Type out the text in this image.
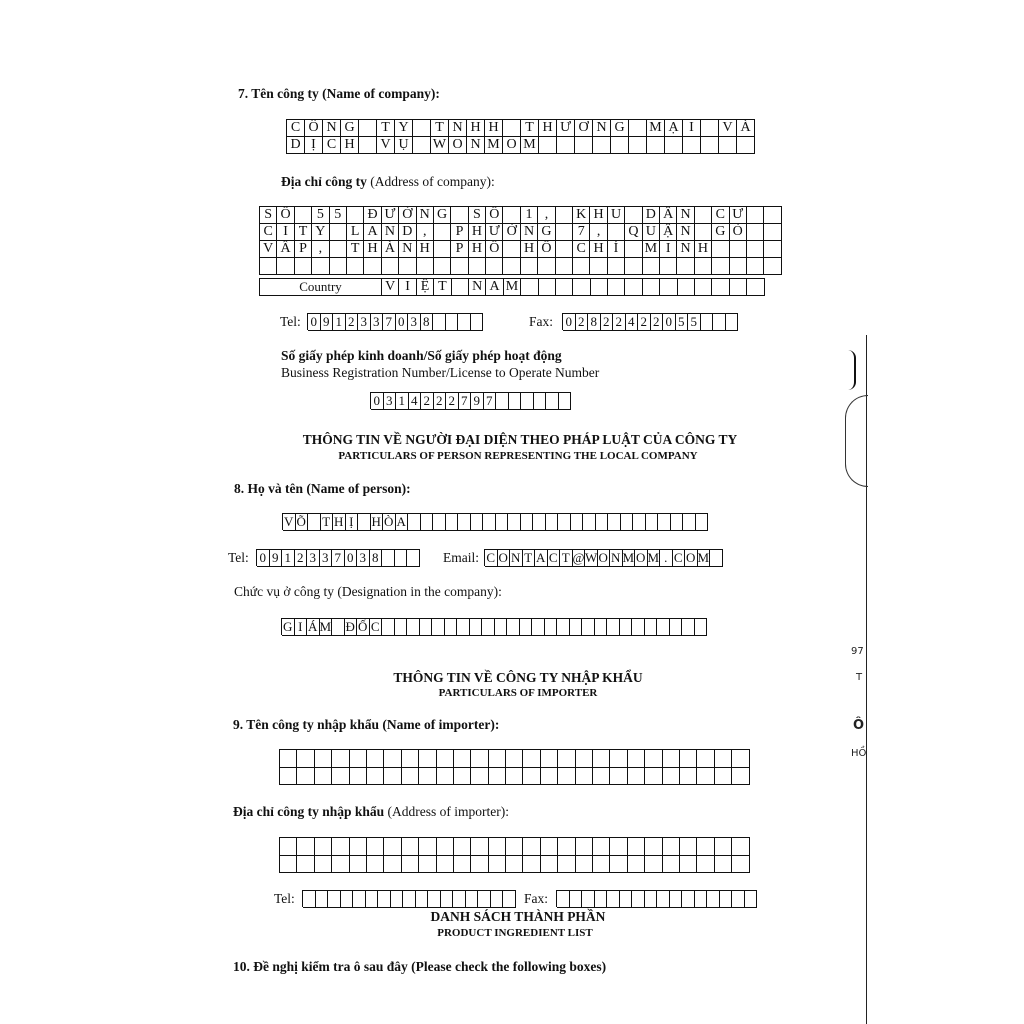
7. Tên công ty (Name of company):
C Ô N G	T Y	T N H H	T H Ư Ơ N G	M Ạ I	V À
D Ị C H	V Ụ	W O N M O M
Địa chỉ công ty (Address of company):
S Ố	5 5	Đ Ư Ờ N G	S Ố	1 ,	K H U D Â N C Ư
C I T Y L A N D ,	P H Ư Ờ N G	7 ,	Q U Ậ N G Ò
V Ấ P ,	T H À N H	P H Ố H Ồ C H Í	M I N H
Country	V I Ệ T	N A M
Tel: 0 9 1 2 3 3 7 0 3 8	Fax: 0 2 8 2 2 4 2 2 0 5 5
Số giấy phép kinh doanh/Số giấy phép hoạt động
Business Registration Number/License to Operate Number
0 3 1 4 2 2 2 7 9 7
THÔNG TIN VỀ NGƯỜI ĐẠI DIỆN THEO PHÁP LUẬT CỦA CÔNG TY
PARTICULARS OF PERSON REPRESENTING THE LOCAL COMPANY
8. Họ và tên (Name of person):
V Õ T H Ị	H Ò A
Tel: 0 9 1 2 3 3 7 0 3 8	Email: C O N T A C T @ W O N M O M . C O M
Chức vụ ở công ty (Designation in the company):
G I Á M Đ Ố C
THÔNG TIN VỀ CÔNG TY NHẬP KHẨU
PARTICULARS OF IMPORTER
9. Tên công ty nhập khẩu (Name of importer):
Địa chỉ công ty nhập khẩu (Address of importer):
Tel:	Fax:
DANH SÁCH THÀNH PHẦN
PRODUCT INGREDIENT LIST
10. Đề nghị kiểm tra ô sau đây (Please check the following boxes)
97
T
Ô
HỒ
